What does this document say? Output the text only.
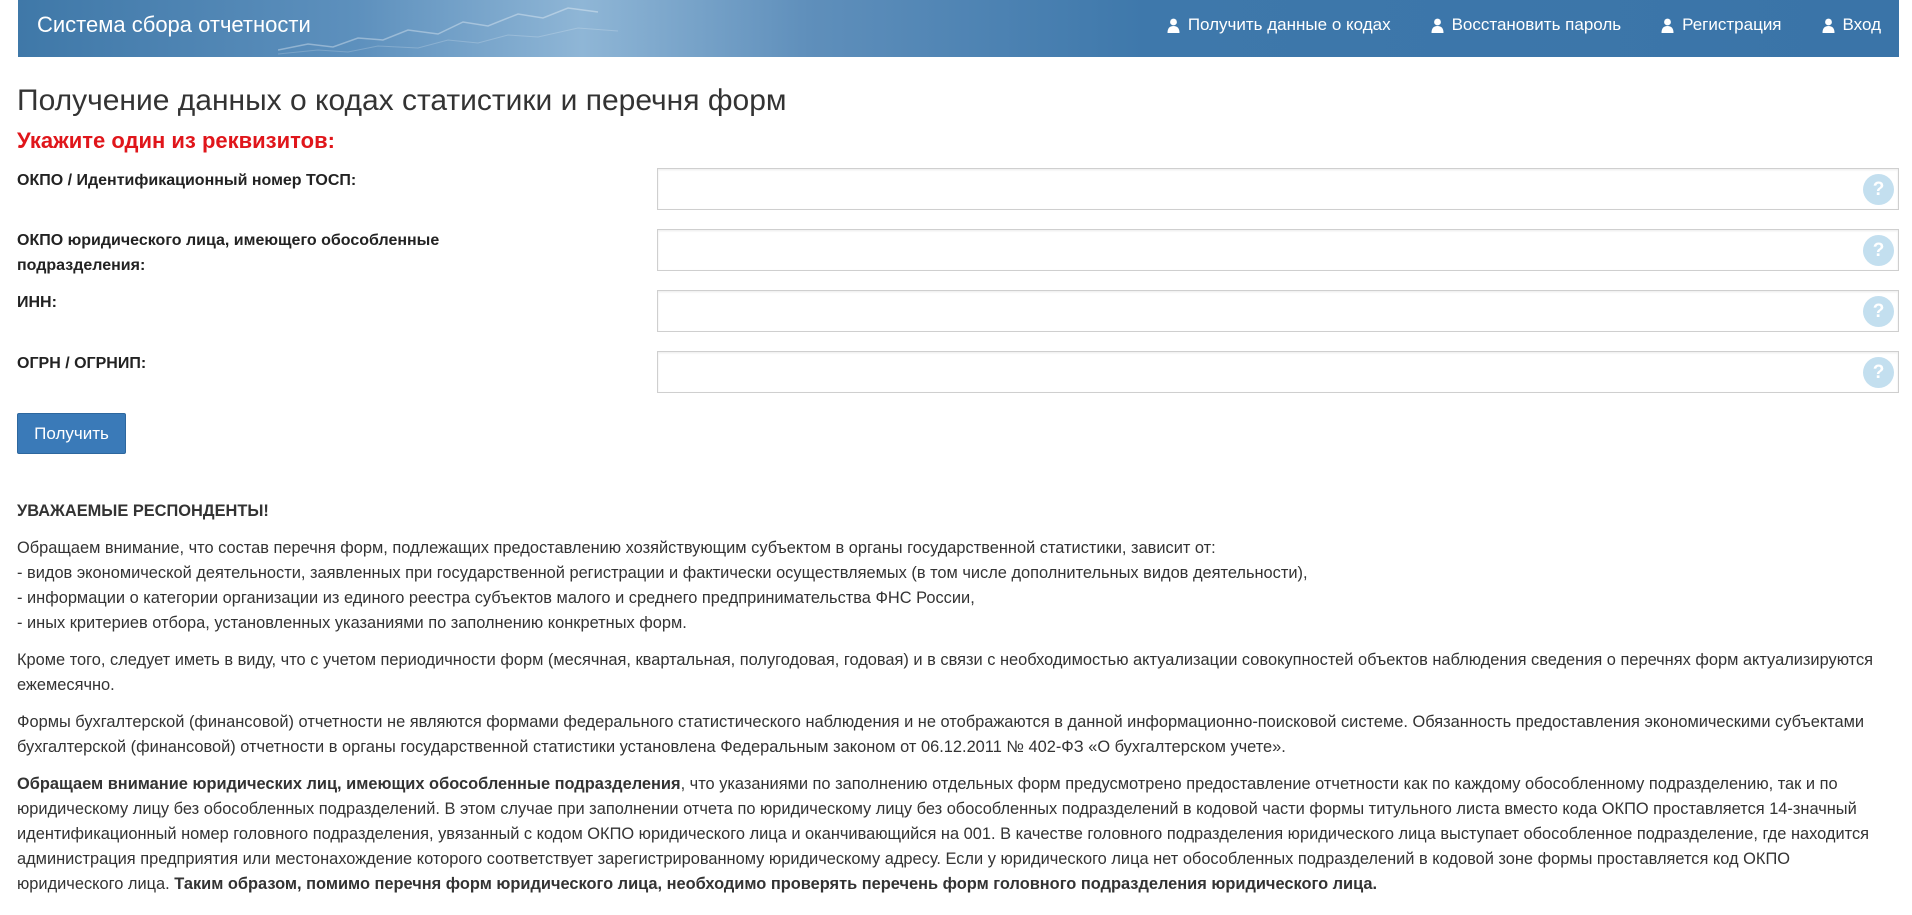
Система сбора отчетности	Получить данные о кодах	Восстановить пароль	Регистрация	Вход
Получение данных о кодах статистики и перечня форм
Укажите один из реквизитов:
ОКПО / Идентификационный номер ТОСП:	?
ОКПО юридического лица, имеющего обособленные подразделения:
?
ИНН:	?
ОГРН / ОГРНИП:	?
Получить
УВАЖАЕМЫЕ РЕСПОНДЕНТЫ!

Обращаем внимание, что состав перечня форм, подлежащих предоставлению хозяйствующим субъектом в органы государственной статистики, зависит от:
- видов экономической деятельности, заявленных при государственной регистрации и фактически осуществляемых (в том числе дополнительных видов деятельности),
- информации о категории организации из единого реестра субъектов малого и среднего предпринимательства ФНС России,
- иных критериев отбора, установленных указаниями по заполнению конкретных форм.

Кроме того, следует иметь в виду, что с учетом периодичности форм (месячная, квартальная, полугодовая, годовая) и в связи с необходимостью актуализации совокупностей объектов наблюдения сведения о перечнях форм актуализируются ежемесячно.

Формы бухгалтерской (финансовой) отчетности не являются формами федерального статистического наблюдения и не отображаются в данной информационно-поисковой системе. Обязанность предоставления экономическими субъектами бухгалтерской (финансовой) отчетности в органы государственной статистики установлена Федеральным законом от 06.12.2011 № 402-ФЗ «О бухгалтерском учете».

Обращаем внимание юридических лиц, имеющих обособленные подразделения, что указаниями по заполнению отдельных форм предусмотрено предоставление отчетности как по каждому обособленному подразделению, так и по юридическому лицу без обособленных подразделений. В этом случае при заполнении отчета по юридическому лицу без обособленных подразделений в кодовой части формы титульного листа вместо кода ОКПО проставляется 14-значный идентификационный номер головного подразделения, увязанный с кодом ОКПО юридического лица и оканчивающийся на 001. В качестве головного подразделения юридического лица выступает обособленное подразделение, где находится администрация предприятия или местонахождение которого соответствует зарегистрированному юридическому адресу. Если у юридического лица нет обособленных подразделений в кодовой зоне формы проставляется код ОКПО юридического лица. Таким образом, помимо перечня форм юридического лица, необходимо проверять перечень форм головного подразделения юридического лица.
